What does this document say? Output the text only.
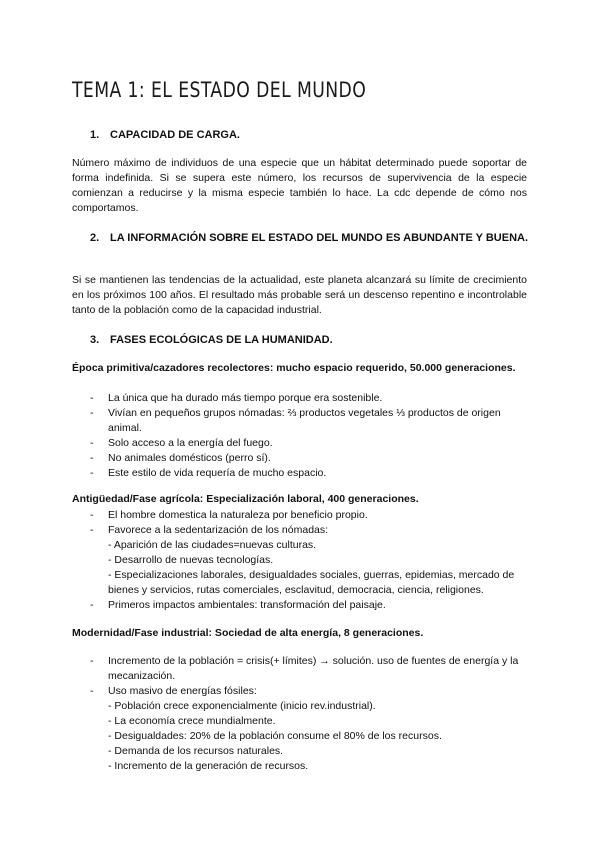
TEMA 1: EL ESTADO DEL MUNDO
1. CAPACIDAD DE CARGA.

Número máximo de individuos de una especie que un hábitat determinado puede soportar de forma indefinida. Si se supera este número, los recursos de supervivencia de la especie comienzan a reducirse y la misma especie también lo hace. La cdc depende de cómo nos comportamos.

2. LA INFORMACIÓN SOBRE EL ESTADO DEL MUNDO ES ABUNDANTE Y BUENA.

Si se mantienen las tendencias de la actualidad, este planeta alcanzará su límite de crecimiento en los próximos 100 años. El resultado más probable será un descenso repentino e incontrolable tanto de la población como de la capacidad industrial.

3. FASES ECOLÓGICAS DE LA HUMANIDAD.

Época primitiva/cazadores recolectores: mucho espacio requerido, 50.000 generaciones.

- La única que ha durado más tiempo porque era sostenible.
- Vivían en pequeños grupos nómadas: ⅔ productos vegetales ⅓ productos de origen animal.
- Solo acceso a la energía del fuego.
- No animales domésticos (perro sí).
- Este estilo de vida requería de mucho espacio.

Antigüedad/Fase agrícola: Especialización laboral, 400 generaciones.

- El hombre domestica la naturaleza por beneficio propio.
- Favorece a la sedentarización de los nómadas:
- Aparición de las ciudades=nuevas culturas.
- Desarrollo de nuevas tecnologías.
- Especializaciones laborales, desigualdades sociales, guerras, epidemias, mercado de bienes y servicios, rutas comerciales, esclavitud, democracia, ciencia, religiones.
- Primeros impactos ambientales: transformación del paisaje.

Modernidad/Fase industrial: Sociedad de alta energía, 8 generaciones.

- Incremento de la población = crisis(+ límites) → solución. uso de fuentes de energía y la mecanización.
- Uso masivo de energías fósiles:
- Población crece exponencialmente (inicio rev.industrial).
- La economía crece mundialmente.
- Desigualdades: 20% de la población consume el 80% de los recursos.
- Demanda de los recursos naturales.
- Incremento de la generación de recursos.
